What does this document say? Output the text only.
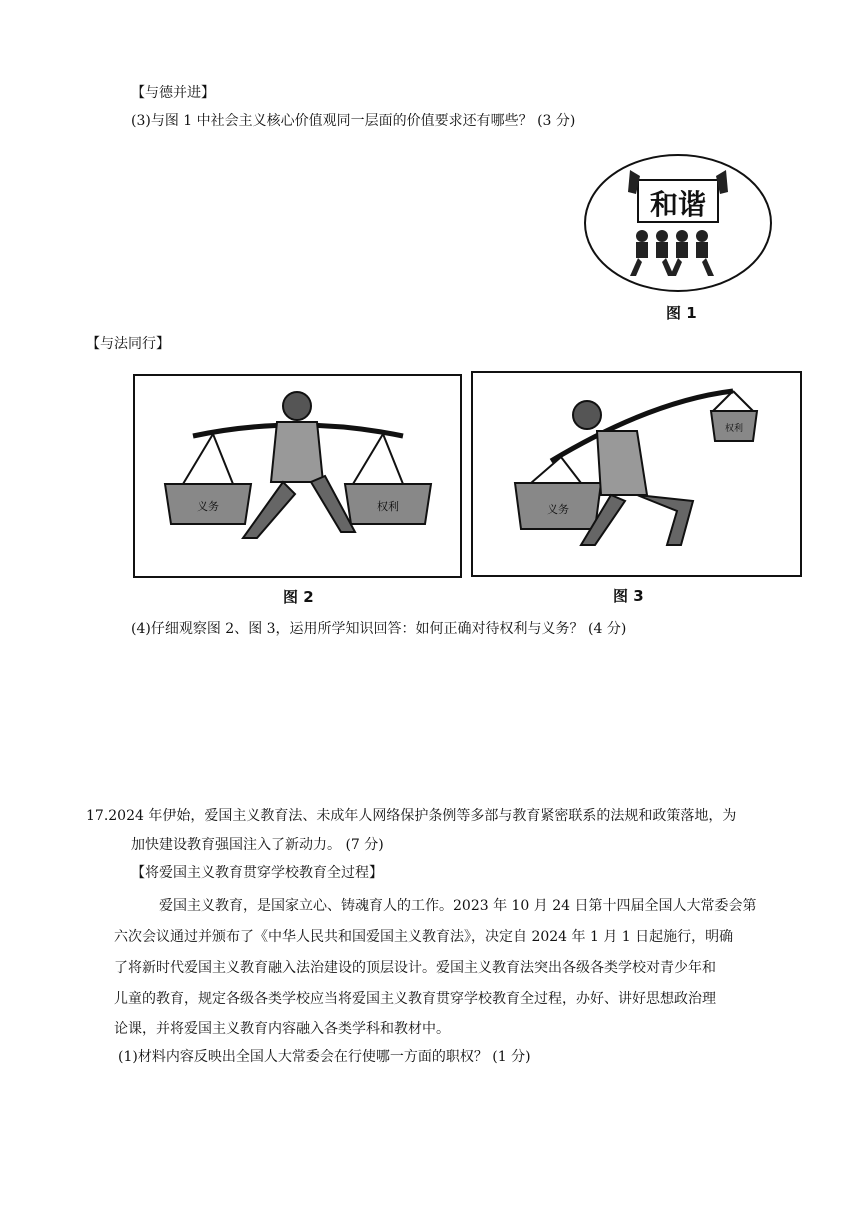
【与德并进】
(3)与图 1 中社会主义核心价值观同一层面的价值要求还有哪些？ (3 分)
和谐
图 1
【与法同行】
义务	权利
图 2
义务
权利
图 3
(4)仔细观察图 2、图 3，运用所学知识回答：如何正确对待权利与义务？ (4 分)
17.2024 年伊始，爱国主义教育法、未成年人网络保护条例等多部与教育紧密联系的法规和政策落地，为
加快建设教育强国注入了新动力。 (7 分)
【将爱国主义教育贯穿学校教育全过程】
爱国主义教育，是国家立心、铸魂育人的工作。2023 年 10 月 24 日第十四届全国人大常委会第
六次会议通过并颁布了《中华人民共和国爱国主义教育法》，决定自 2024 年 1 月 1 日起施行，明确
了将新时代爱国主义教育融入法治建设的顶层设计。爱国主义教育法突出各级各类学校对青少年和
儿童的教育，规定各级各类学校应当将爱国主义教育贯穿学校教育全过程，办好、讲好思想政治理
论课，并将爱国主义教育内容融入各类学科和教材中。
(1)材料内容反映出全国人大常委会在行使哪一方面的职权？ (1 分)
